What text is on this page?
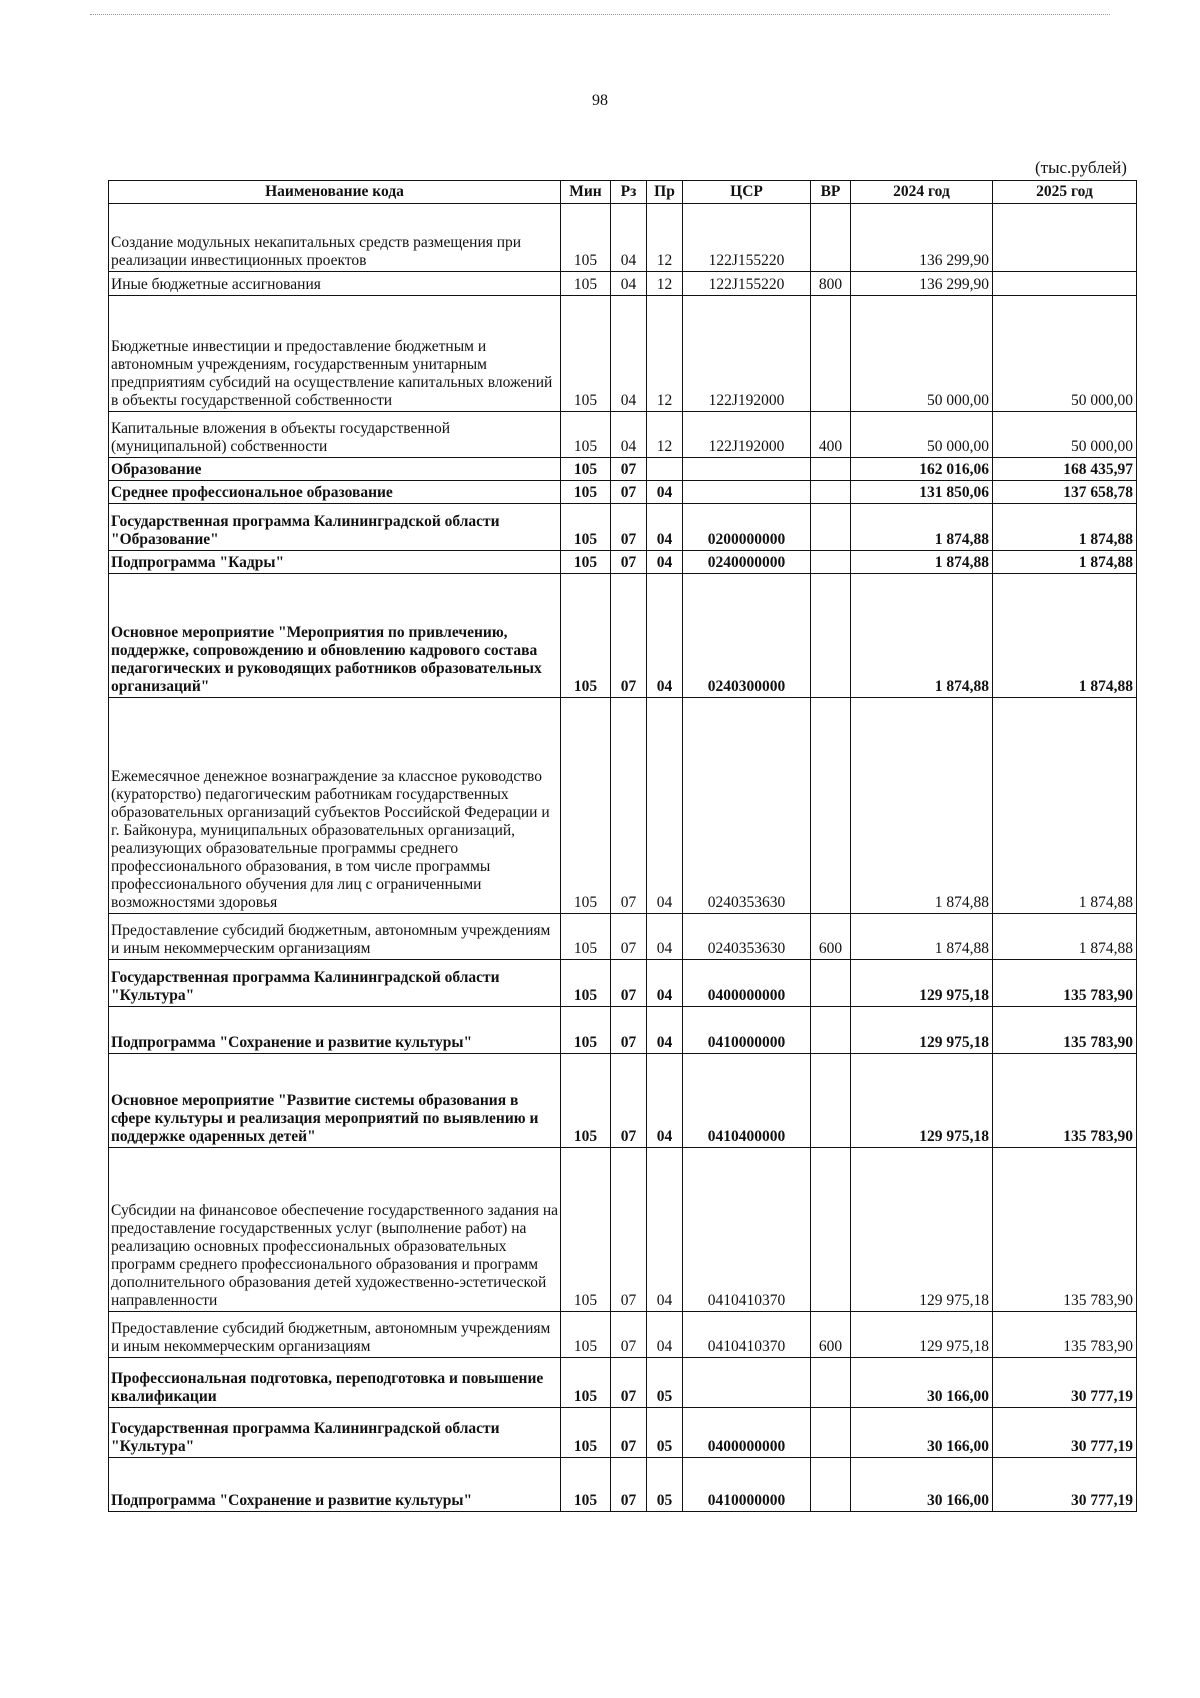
98
(тыс.рублей)
Наименование кода	Мин	Рз	Пр	ЦСР	ВР	2024 год	2025 год
Создание модульных некапитальных средств размещения при реализации инвестиционных проектов	105	04	12	122J155220		136 299,90	
Иные бюджетные ассигнования	105	04	12	122J155220	800	136 299,90	
Бюджетные инвестиции и предоставление бюджетным и автономным учреждениям, государственным унитарным предприятиям субсидий на осуществление капитальных вложений в объекты государственной собственности	105	04	12	122J192000		50 000,00	50 000,00
Капитальные вложения в объекты государственной (муниципальной) собственности	105	04	12	122J192000	400	50 000,00	50 000,00
Образование	105	07				162 016,06	168 435,97
Среднее профессиональное образование	105	07	04			131 850,06	137 658,78
Государственная программа Калининградской области "Образование"	105	07	04	0200000000		1 874,88	1 874,88
Подпрограмма "Кадры"	105	07	04	0240000000		1 874,88	1 874,88
Основное мероприятие "Мероприятия по привлечению, поддержке, сопровождению и обновлению кадрового состава педагогических и руководящих работников образовательных организаций"	105	07	04	0240300000		1 874,88	1 874,88
Ежемесячное денежное вознаграждение за классное руководство (кураторство) педагогическим работникам государственных образовательных организаций субъектов Российской Федерации и г. Байконура, муниципальных образовательных организаций, реализующих образовательные программы среднего профессионального образования, в том числе программы профессионального обучения для лиц с ограниченными возможностями здоровья	105	07	04	0240353630		1 874,88	1 874,88
Предоставление субсидий бюджетным, автономным учреждениям и иным некоммерческим организациям	105	07	04	0240353630	600	1 874,88	1 874,88
Государственная программа Калининградской области "Культура"	105	07	04	0400000000		129 975,18	135 783,90
Подпрограмма "Сохранение и развитие культуры"	105	07	04	0410000000		129 975,18	135 783,90
Основное мероприятие "Развитие системы образования в сфере культуры и реализация мероприятий по выявлению и поддержке одаренных детей"	105	07	04	0410400000		129 975,18	135 783,90
Субсидии на финансовое обеспечение государственного задания на предоставление государственных услуг (выполнение работ) на реализацию основных профессиональных образовательных программ среднего профессионального образования и программ дополнительного образования детей художественно-эстетической направленности	105	07	04	0410410370		129 975,18	135 783,90
Предоставление субсидий бюджетным, автономным учреждениям и иным некоммерческим организациям	105	07	04	0410410370	600	129 975,18	135 783,90
Профессиональная подготовка, переподготовка и повышение квалификации	105	07	05			30 166,00	30 777,19
Государственная программа Калининградской области "Культура"	105	07	05	0400000000		30 166,00	30 777,19
Подпрограмма "Сохранение и развитие культуры"	105	07	05	0410000000		30 166,00	30 777,19
